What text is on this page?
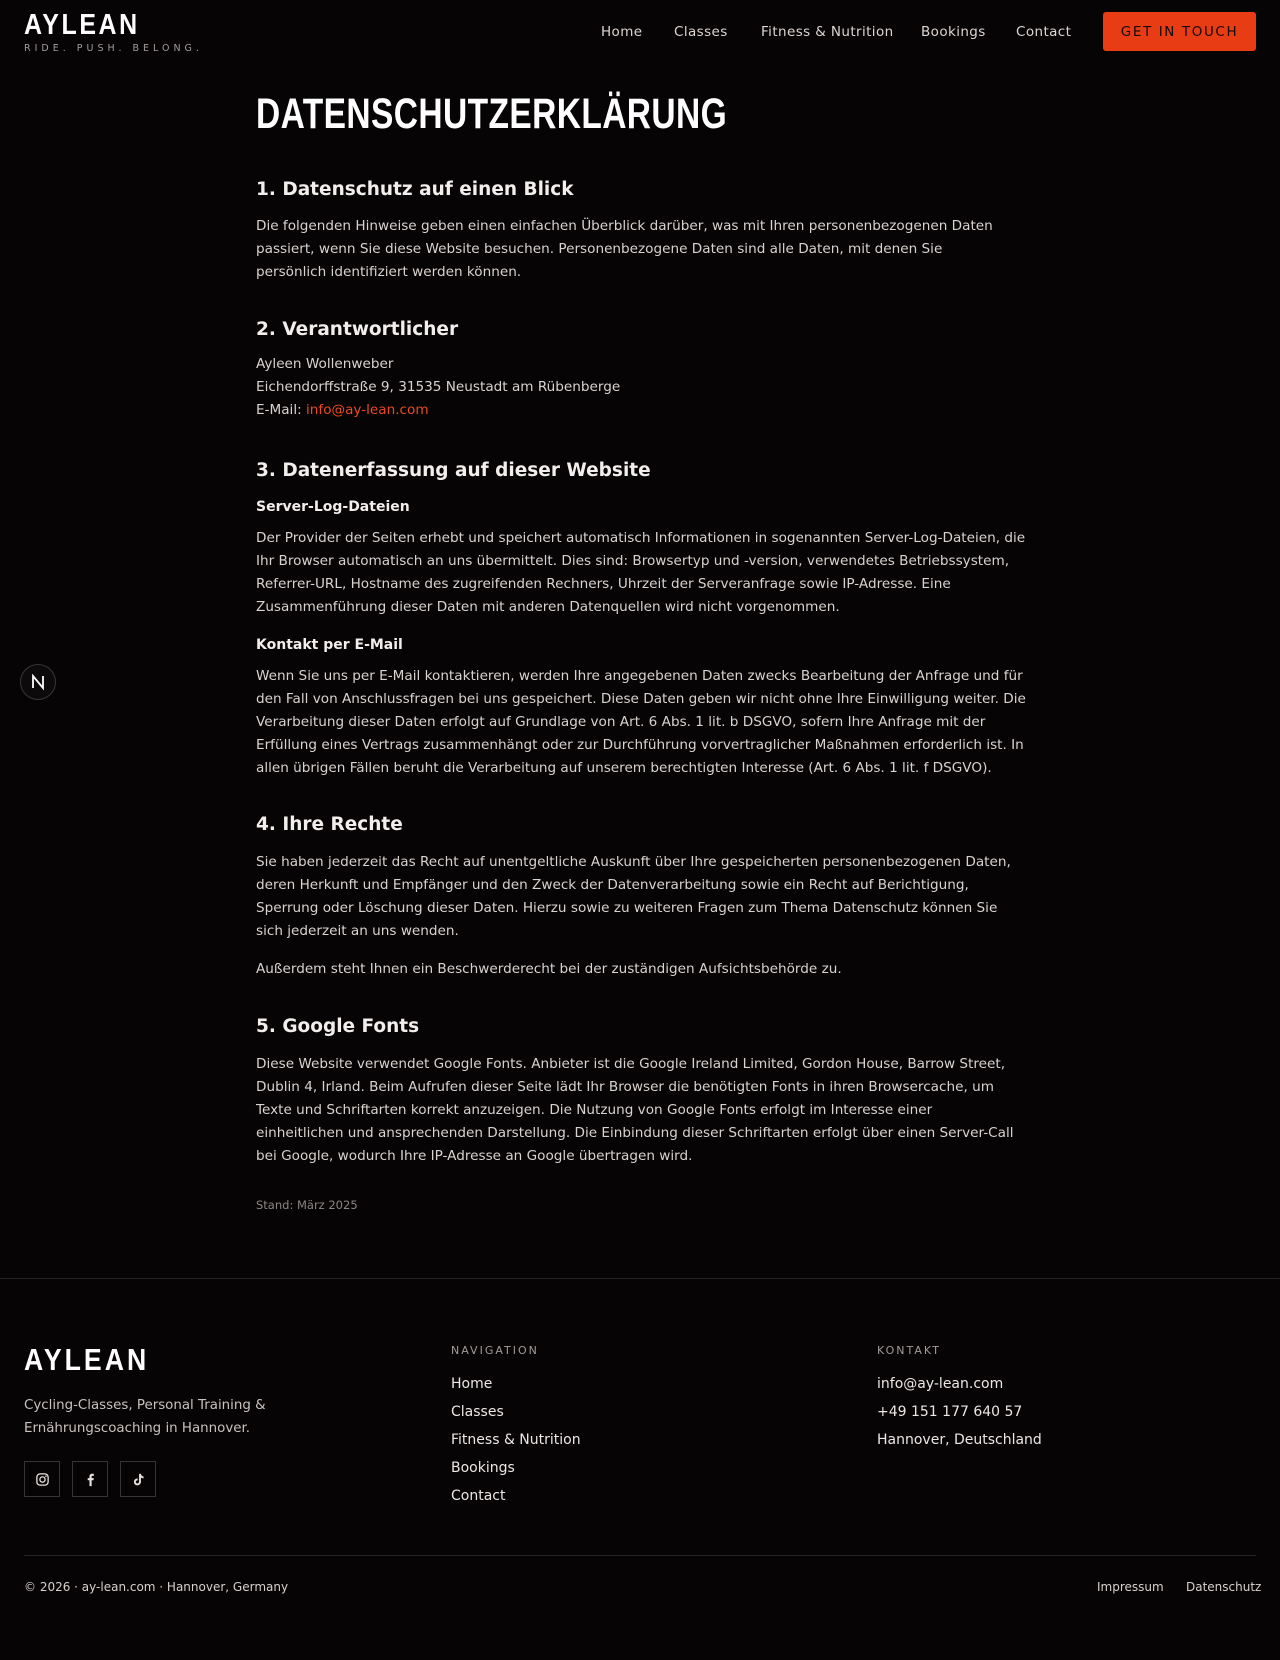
AYLEAN
RIDE. PUSH. BELONG.
Home Classes Fitness & Nutrition Bookings Contact	GET IN TOUCH
DATENSCHUTZERKLÄRUNG
1. Datenschutz auf einen Blick

Die folgenden Hinweise geben einen einfachen Überblick darüber, was mit Ihren personenbezogenen Daten passiert, wenn Sie diese Website besuchen. Personenbezogene Daten sind alle Daten, mit denen Sie persönlich identifiziert werden können.

2. Verantwortlicher
Ayleen Wollenweber
Eichendorffstraße 9, 31535 Neustadt am Rübenberge
E-Mail: info@ay-lean.com
3. Datenerfassung auf dieser Website
Server-Log-Dateien

Der Provider der Seiten erhebt und speichert automatisch Informationen in sogenannten Server-Log-Dateien, die Ihr Browser automatisch an uns übermittelt. Dies sind: Browsertyp und -version, verwendetes Betriebssystem, Referrer-URL, Hostname des zugreifenden Rechners, Uhrzeit der Serveranfrage sowie IP-Adresse. Eine Zusammenführung dieser Daten mit anderen Datenquellen wird nicht vorgenommen.

Kontakt per E-Mail

Wenn Sie uns per E-Mail kontaktieren, werden Ihre angegebenen Daten zwecks Bearbeitung der Anfrage und für den Fall von Anschlussfragen bei uns gespeichert. Diese Daten geben wir nicht ohne Ihre Einwilligung weiter. Die Verarbeitung dieser Daten erfolgt auf Grundlage von Art. 6 Abs. 1 lit. b DSGVO, sofern Ihre Anfrage mit der Erfüllung eines Vertrags zusammenhängt oder zur Durchführung vorvertraglicher Maßnahmen erforderlich ist. In allen übrigen Fällen beruht die Verarbeitung auf unserem berechtigten Interesse (Art. 6 Abs. 1 lit. f DSGVO).

4. Ihre Rechte

Sie haben jederzeit das Recht auf unentgeltliche Auskunft über Ihre gespeicherten personenbezogenen Daten, deren Herkunft und Empfänger und den Zweck der Datenverarbeitung sowie ein Recht auf Berichtigung, Sperrung oder Löschung dieser Daten. Hierzu sowie zu weiteren Fragen zum Thema Datenschutz können Sie sich jederzeit an uns wenden.

Außerdem steht Ihnen ein Beschwerderecht bei der zuständigen Aufsichtsbehörde zu.

5. Google Fonts

Diese Website verwendet Google Fonts. Anbieter ist die Google Ireland Limited, Gordon House, Barrow Street, Dublin 4, Irland. Beim Aufrufen dieser Seite lädt Ihr Browser die benötigten Fonts in ihren Browsercache, um Texte und Schriftarten korrekt anzuzeigen. Die Nutzung von Google Fonts erfolgt im Interesse einer einheitlichen und ansprechenden Darstellung. Die Einbindung dieser Schriftarten erfolgt über einen Server-Call bei Google, wodurch Ihre IP-Adresse an Google übertragen wird.

Stand: März 2025
AYLEAN

Cycling-Classes, Personal Training & Ernährungscoaching in Hannover.

NAVIGATION
Home
Classes
Fitness & Nutrition
Bookings
Contact
KONTAKT
info@ay-lean.com
+49 151 177 640 57
Hannover, Deutschland
© 2026 · ay-lean.com · Hannover, Germany	Impressum Datenschutz
